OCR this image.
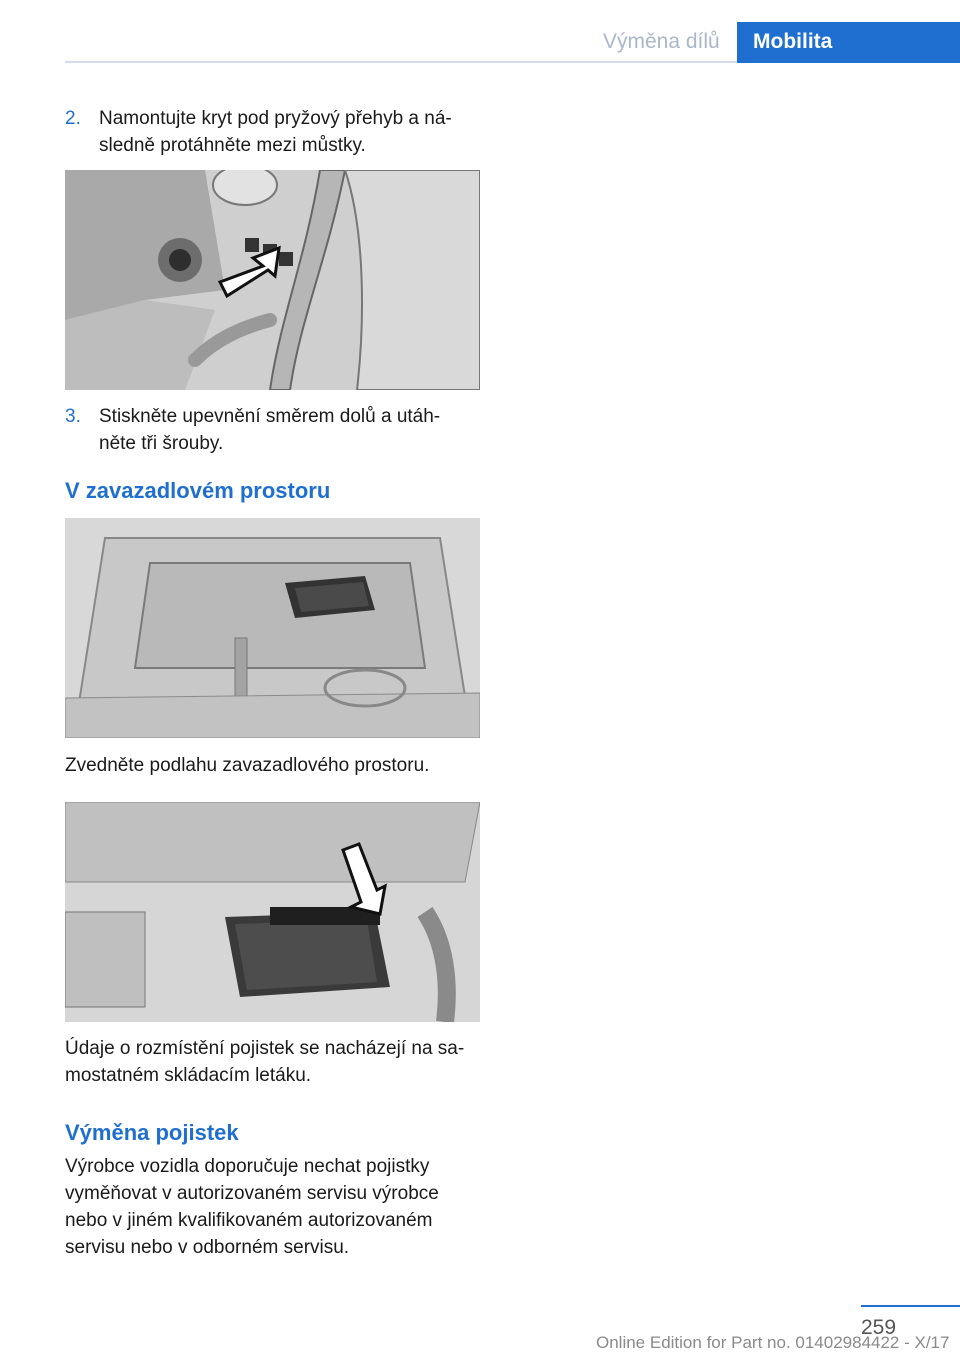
Výměna dílů	Mobilita
2. Namontujte kryt pod pryžový přehyb a ná-
sledně protáhněte mezi můstky.
3. Stiskněte upevnění směrem dolů a utáh-
něte tři šrouby.
V zavazadlovém prostoru
Zvedněte podlahu zavazadlového prostoru.
Údaje o rozmístění pojistek se nacházejí na sa-
mostatném skládacím letáku.
Výměna pojistek
Výrobce vozidla doporučuje nechat pojistky
vyměňovat v autorizovaném servisu výrobce
nebo v jiném kvalifikovaném autorizovaném
servisu nebo v odborném servisu.
259
Online Edition for Part no. 01402984422 - X/17
